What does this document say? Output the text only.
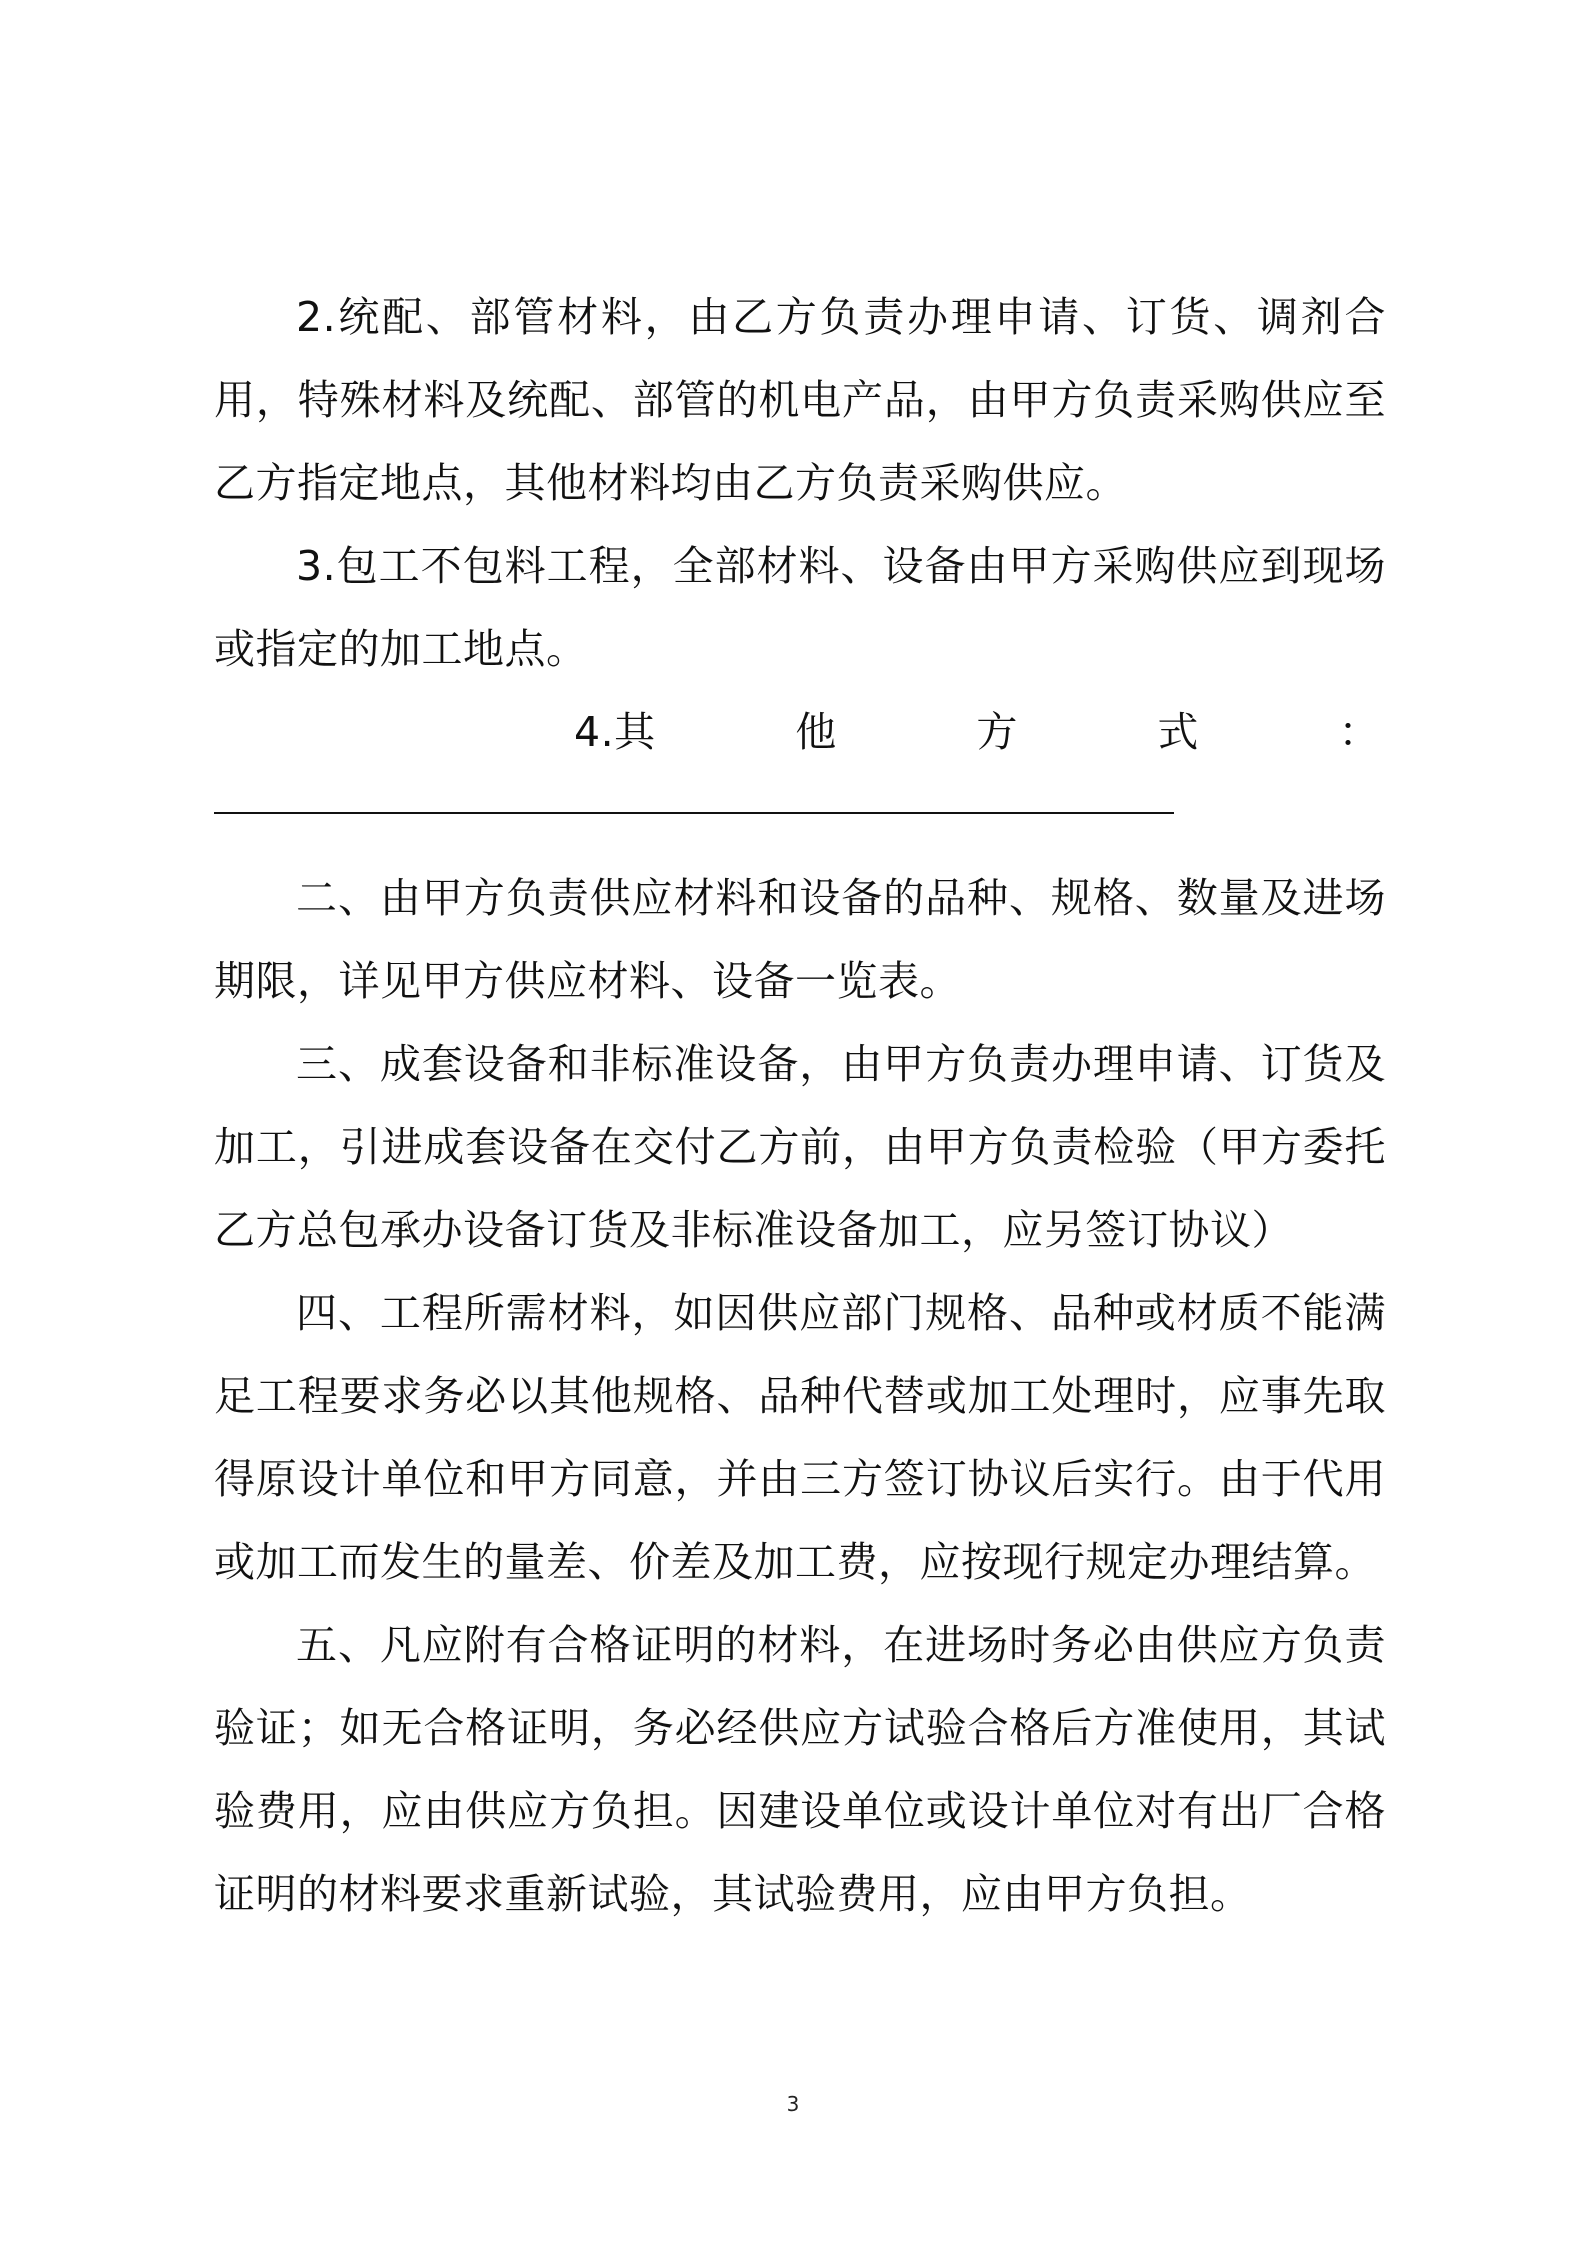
2.统配、部管材料，由乙方负责办理申请、订货、调剂合用，特殊材料及统配、部管的机电产品，由甲方负责采购供应至乙方指定地点，其他材料均由乙方负责采购供应。

3.包工不包料工程，全部材料、设备由甲方采购供应到现场或指定的加工地点。

4.其	他	方	式	：

二、由甲方负责供应材料和设备的品种、规格、数量及进场期限，详见甲方供应材料、设备一览表。

三、成套设备和非标准设备，由甲方负责办理申请、订货及加工，引进成套设备在交付乙方前，由甲方负责检验（甲方委托乙方总包承办设备订货及非标准设备加工，应另签订协议）

四、工程所需材料，如因供应部门规格、品种或材质不能满足工程要求务必以其他规格、品种代替或加工处理时，应事先取得原设计单位和甲方同意，并由三方签订协议后实行。由于代用或加工而发生的量差、价差及加工费，应按现行规定办理结算。

五、凡应附有合格证明的材料，在进场时务必由供应方负责验证；如无合格证明，务必经供应方试验合格后方准使用，其试验费用，应由供应方负担。因建设单位或设计单位对有出厂合格证明的材料要求重新试验，其试验费用，应由甲方负担。

3
